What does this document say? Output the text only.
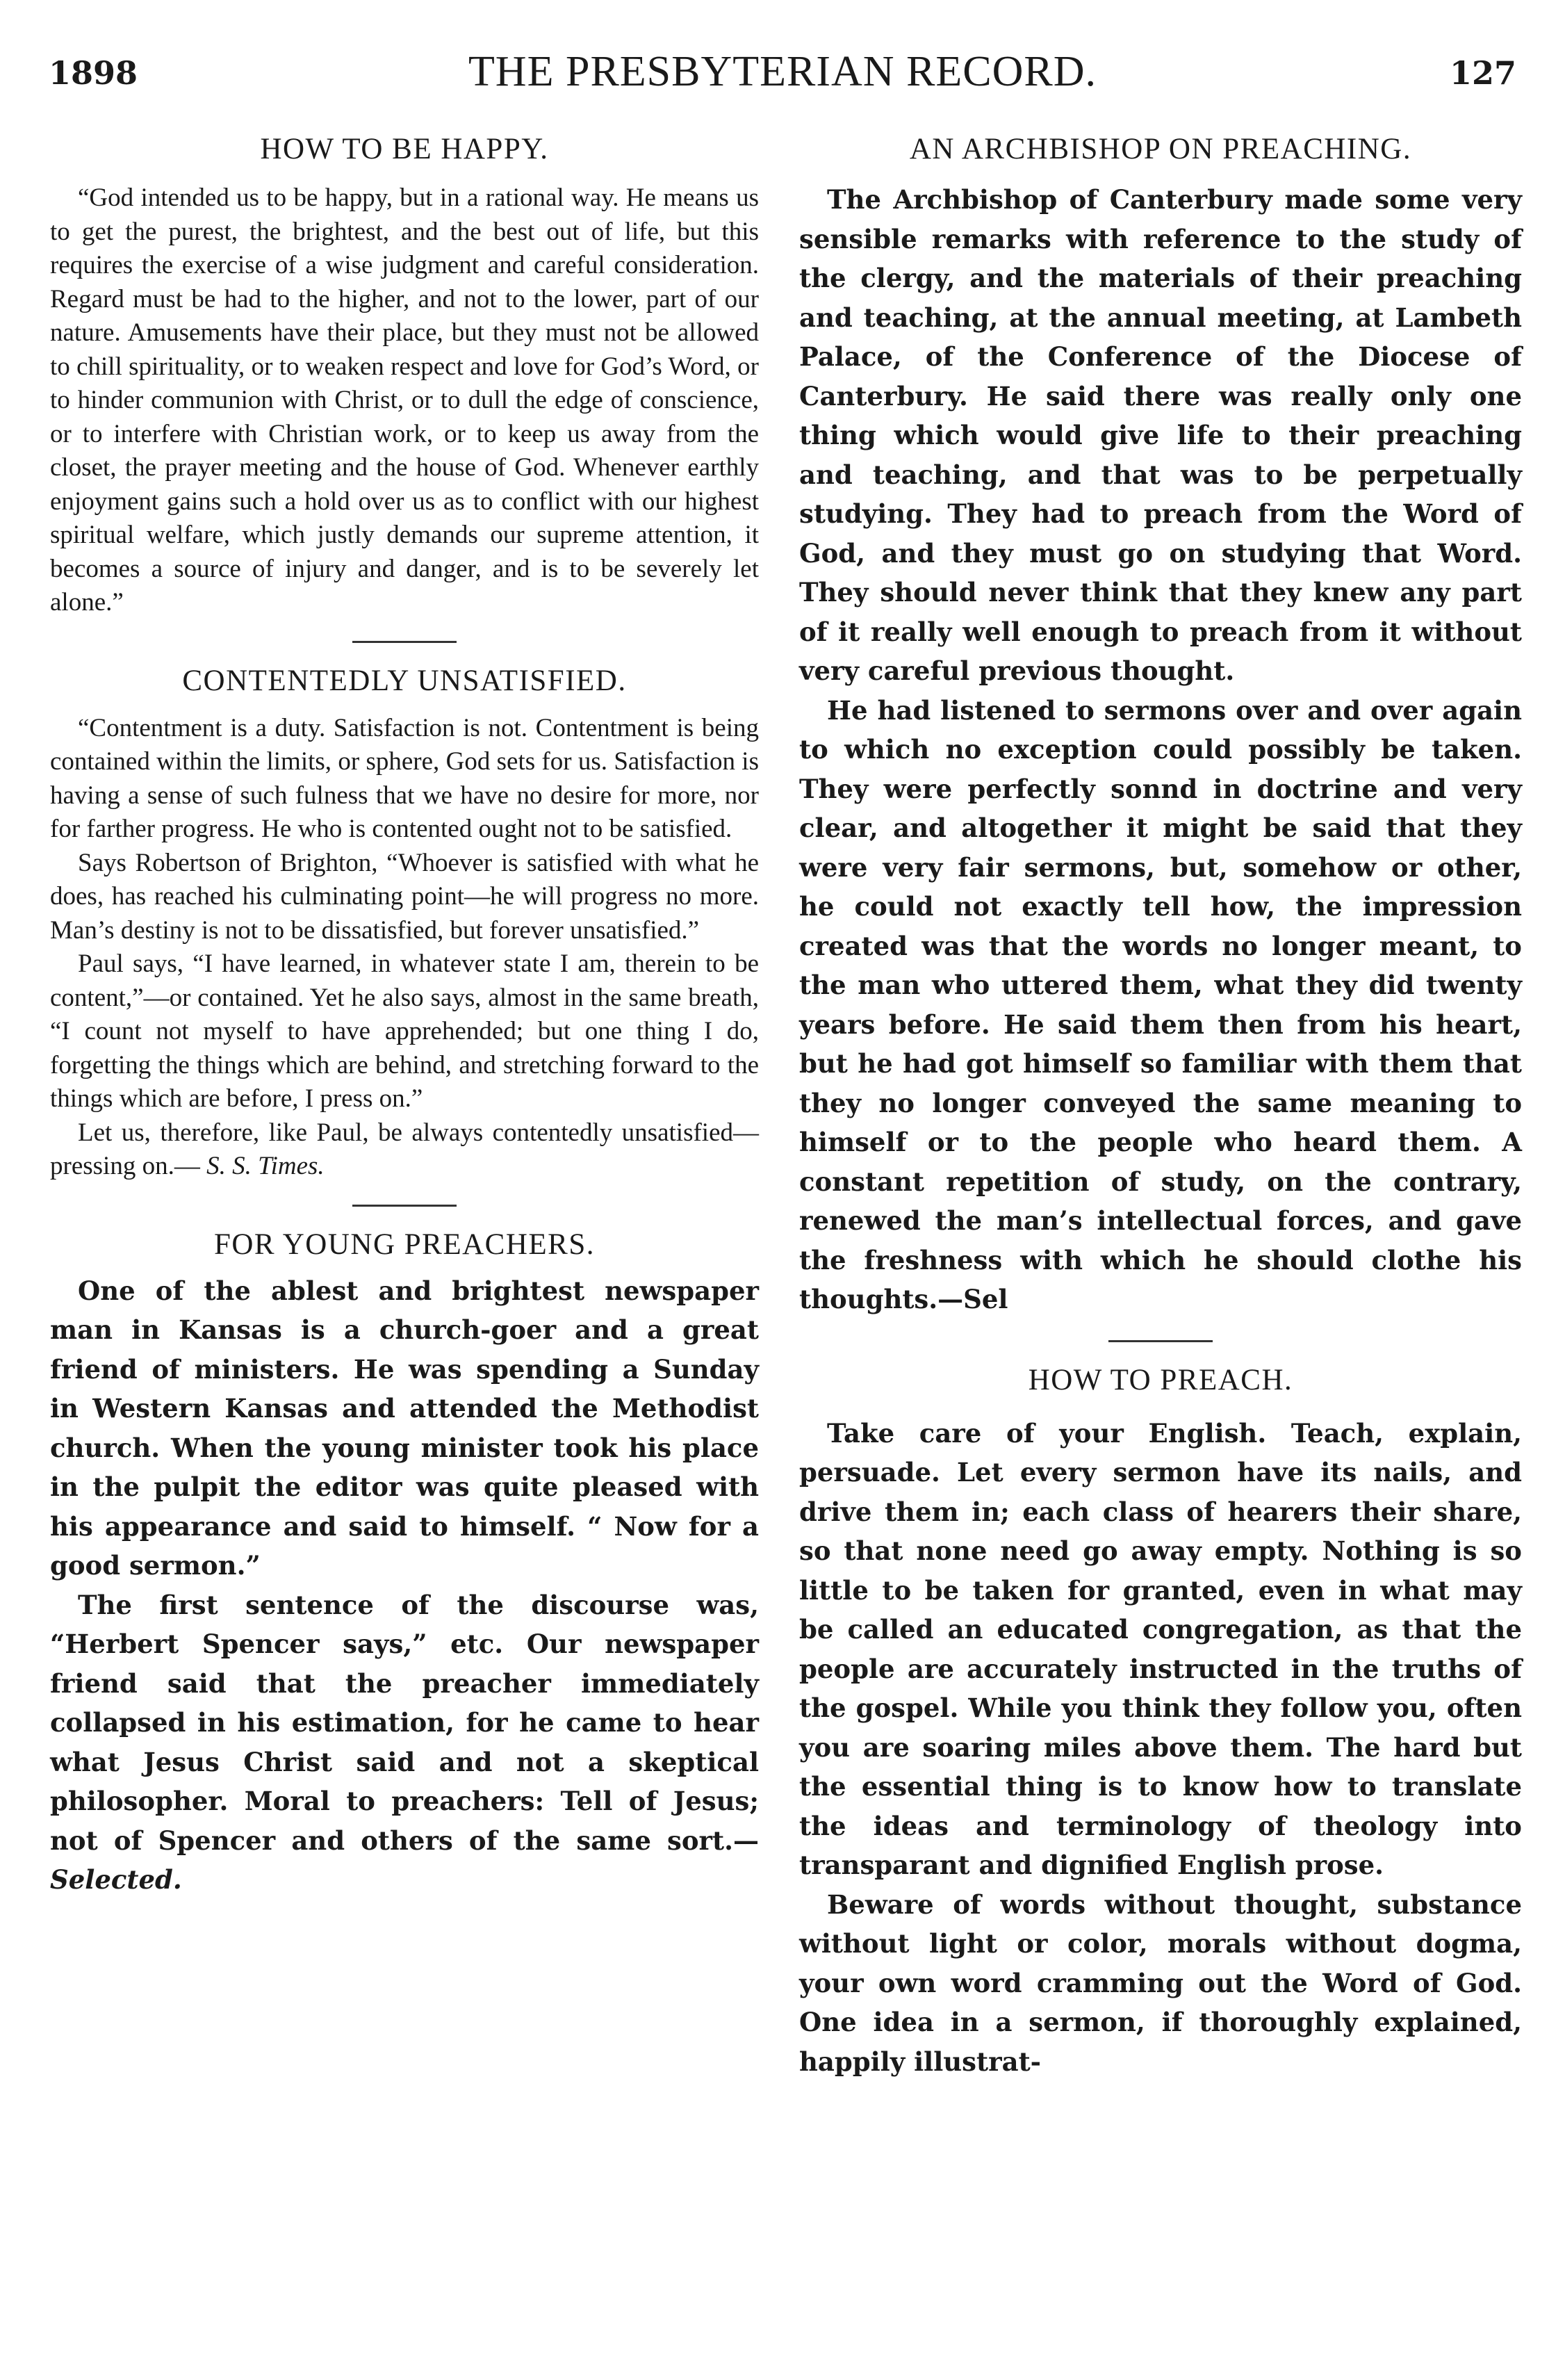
1898	THE PRESBYTERIAN RECORD.	127
HOW TO BE HAPPY.

“God intended us to be happy, but in a rational way. He means us to get the purest, the brightest, and the best out of life, but this requires the exercise of a wise judgment and careful consideration. Regard must be had to the higher, and not to the lower, part of our nature. Amusements have their place, but they must not be allowed to chill spirituality, or to weaken respect and love for God’s Word, or to hinder communion with Christ, or to dull the edge of conscience, or to interfere with Christian work, or to keep us away from the closet, the prayer meeting and the house of God. Whenever earthly enjoyment gains such a hold over us as to conflict with our highest spiritual welfare, which justly demands our supreme attention, it becomes a source of injury and danger, and is to be severely let alone.”

CONTENTEDLY UNSATISFIED.

“Contentment is a duty. Satisfaction is not. Contentment is being contained within the limits, or sphere, God sets for us. Satisfaction is having a sense of such fulness that we have no desire for more, nor for farther progress. He who is contented ought not to be satisfied.

Says Robertson of Brighton, “Whoever is satisfied with what he does, has reached his culminating point—he will progress no more. Man’s destiny is not to be dissatisfied, but forever unsatisfied.”

Paul says, “I have learned, in whatever state I am, therein to be content,”—or contained. Yet he also says, almost in the same breath, “I count not myself to have apprehended; but one thing I do, forgetting the things which are behind, and stretching forward to the things which are before, I press on.”

Let us, therefore, like Paul, be always contentedly unsatisfied—pressing on.— S. S. Times.

FOR YOUNG PREACHERS.

One of the ablest and brightest newspaper man in Kansas is a church-goer and a great friend of ministers. He was spending a Sunday in Western Kansas and attended the Methodist church. When the young minister took his place in the pulpit the editor was quite pleased with his appearance and said to himself. “ Now for a good sermon.”

The first sentence of the discourse was, “Herbert Spencer says,” etc. Our newspaper friend said that the preacher immediately collapsed in his estimation, for he came to hear what Jesus Christ said and not a skeptical philosopher. Moral to preachers: Tell of Jesus; not of Spencer and others of the same sort.—Selected.

AN ARCHBISHOP ON PREACHING.

The Archbishop of Canterbury made some very sensible remarks with reference to the study of the clergy, and the materials of their preaching and teaching, at the annual meeting, at Lambeth Palace, of the Conference of the Diocese of Canterbury. He said there was really only one thing which would give life to their preaching and teaching, and that was to be perpetually studying. They had to preach from the Word of God, and they must go on studying that Word. They should never think that they knew any part of it really well enough to preach from it without very careful previous thought.

He had listened to sermons over and over again to which no exception could possibly be taken. They were perfectly sonnd in doctrine and very clear, and altogether it might be said that they were very fair sermons, but, somehow or other, he could not exactly tell how, the impression created was that the words no longer meant, to the man who uttered them, what they did twenty years before. He said them then from his heart, but he had got himself so familiar with them that they no longer conveyed the same meaning to himself or to the people who heard them. A constant repetition of study, on the contrary, renewed the man’s intellectual forces, and gave the freshness with which he should clothe his thoughts.—Sel

HOW TO PREACH.

Take care of your English. Teach, explain, persuade. Let every sermon have its nails, and drive them in; each class of hearers their share, so that none need go away empty. Nothing is so little to be taken for granted, even in what may be called an educated congregation, as that the people are accurately instructed in the truths of the gospel. While you think they follow you, often you are soaring miles above them. The hard but the essential thing is to know how to translate the ideas and terminology of theology into transparant and dignified English prose.

Beware of words without thought, substance without light or color, morals without dogma, your own word cramming out the Word of God. One idea in a sermon, if thoroughly explained, happily illustrat-
